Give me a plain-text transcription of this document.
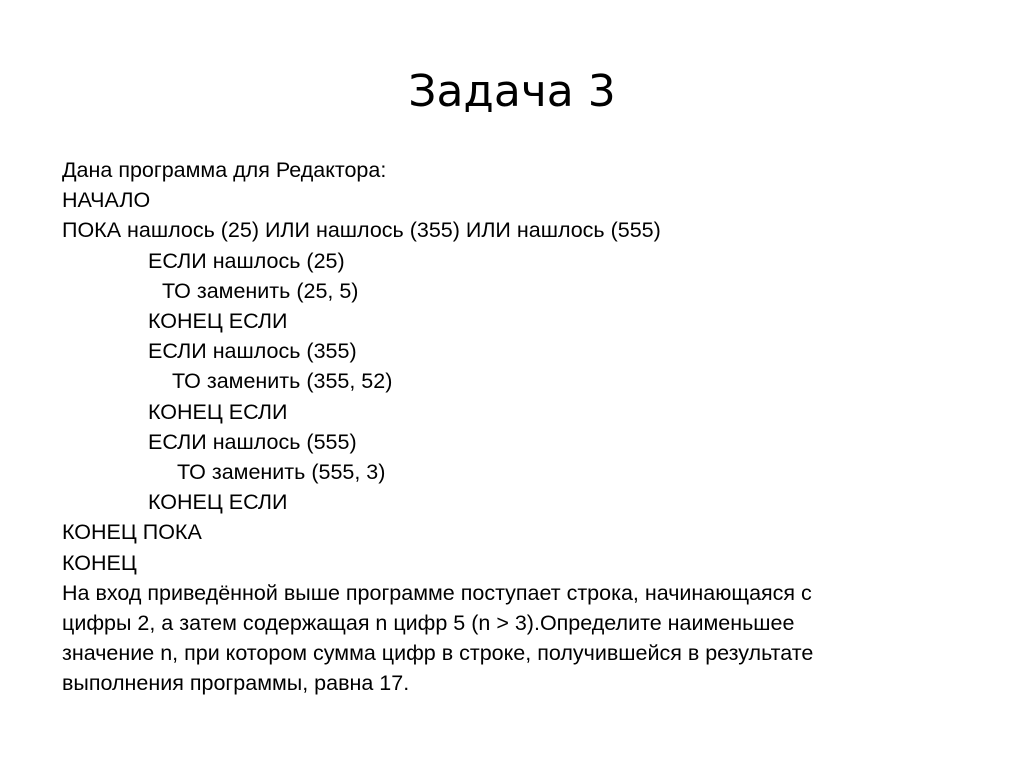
Задача 3
Дана программа для Редактора:
НАЧАЛО
ПОКА нашлось (25) ИЛИ нашлось (355) ИЛИ нашлось (555)
ЕСЛИ нашлось (25)
ТО заменить (25, 5)
КОНЕЦ ЕСЛИ
ЕСЛИ нашлось (355)
ТО заменить (355, 52)
КОНЕЦ ЕСЛИ
ЕСЛИ нашлось (555)
ТО заменить (555, 3)
КОНЕЦ ЕСЛИ
КОНЕЦ ПОКА
КОНЕЦ
На вход приведённой выше программе поступает строка, начинающаяся с
цифры 2, а затем содержащая n цифр 5 (n > 3).Определите наименьшее
значение n, при котором сумма цифр в строке, получившейся в результате
выполнения программы, равна 17.
